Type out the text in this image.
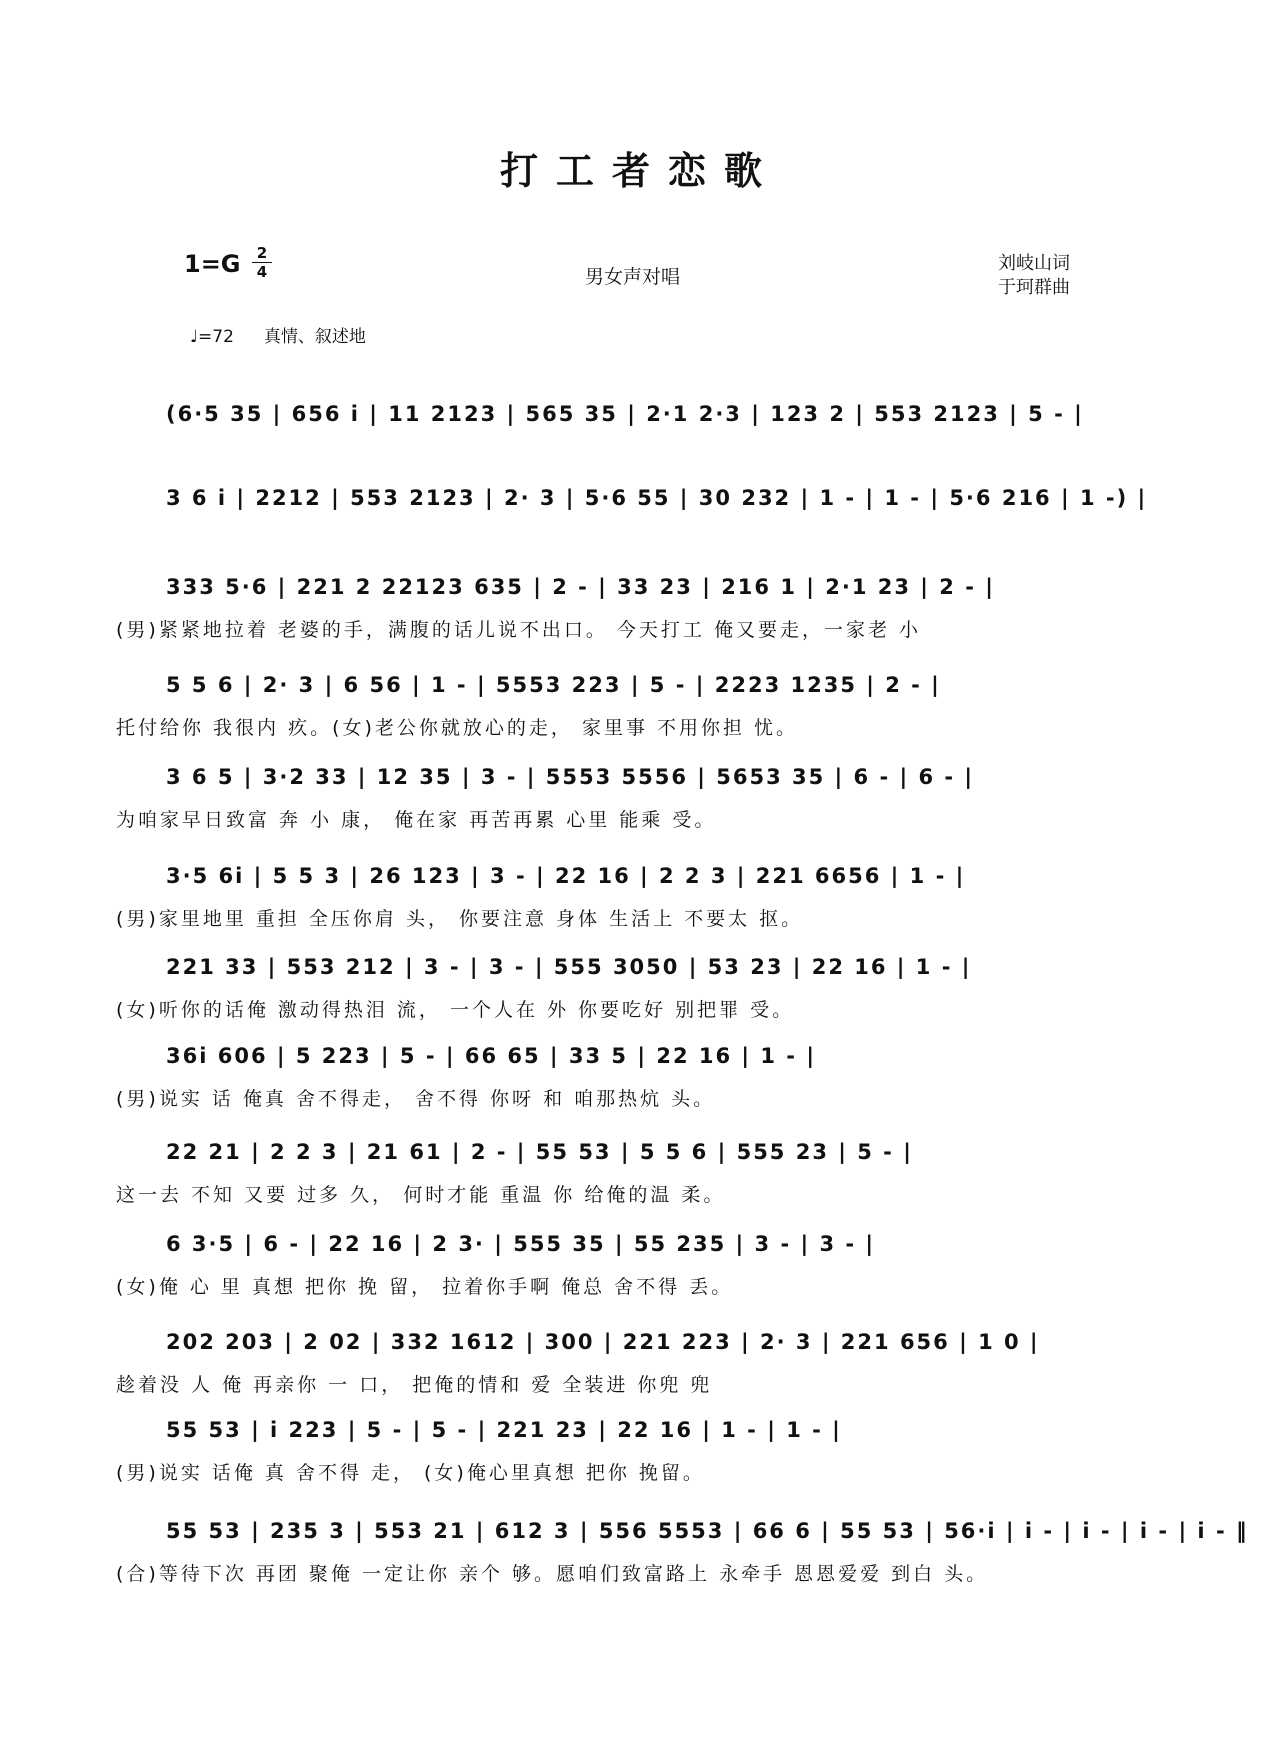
打工者恋歌
1=G	2
4	男女声对唱
刘岐山词
于珂群曲
♩=72 真情、叙述地
(6·5 35 | 656 i | 11 2123 | 565 35 | 2·1 2·3 | 123 2 | 553 2123 | 5 - |
3 6 i | 2212 | 553 2123 | 2· 3 | 5·6 55 | 30 232 | 1 - | 1 - | 5·6 216 | 1 -) |
333 5·6 | 221 2 22123 635 | 2 - | 33 23 | 216 1 | 2·1 23 | 2 - |
(男)紧紧地拉着 老婆的手，满腹的话儿说不出口。 今天打工 俺又要走，一家老 小
5 5 6 | 2· 3 | 6 56 | 1 - | 5553 223 | 5 - | 2223 1235 | 2 - |
托付给你 我很内 疚。(女)老公你就放心的走， 家里事 不用你担 忧。
3 6 5 | 3·2 33 | 12 35 | 3 - | 5553 5556 | 5653 35 | 6 - | 6 - |
为咱家早日致富 奔 小 康， 俺在家 再苦再累 心里 能乘 受。
3·5 6i | 5 5 3 | 26 123 | 3 - | 22 16 | 2 2 3 | 221 6656 | 1 - |
(男)家里地里 重担 全压你肩 头， 你要注意 身体 生活上 不要太 抠。
221 33 | 553 212 | 3 - | 3 - | 555 3050 | 53 23 | 22 16 | 1 - |
(女)听你的话俺 激动得热泪 流， 一个人在 外 你要吃好 别把罪 受。
36i 606 | 5 223 | 5 - | 66 65 | 33 5 | 22 16 | 1 - |
(男)说实 话 俺真 舍不得走， 舍不得 你呀 和 咱那热炕 头。
22 21 | 2 2 3 | 21 61 | 2 - | 55 53 | 5 5 6 | 555 23 | 5 - |
这一去 不知 又要 过多 久， 何时才能 重温 你 给俺的温 柔。
6 3·5 | 6 - | 22 16 | 2 3· | 555 35 | 55 235 | 3 - | 3 - |
(女)俺 心 里 真想 把你 挽 留， 拉着你手啊 俺总 舍不得 丢。
202 203 | 2 02 | 332 1612 | 300 | 221 223 | 2· 3 | 221 656 | 1 0 |
趁着没 人 俺 再亲你 一 口， 把俺的情和 爱 全装进 你兜 兜
55 53 | i 223 | 5 - | 5 - | 221 23 | 22 16 | 1 - | 1 - |
(男)说实 话俺 真 舍不得 走， (女)俺心里真想 把你 挽留。
55 53 | 235 3 | 553 21 | 612 3 | 556 5553 | 66 6 | 55 53 | 56·i | i - | i - | i - | i - ‖
(合)等待下次 再团 聚俺 一定让你 亲个 够。愿咱们致富路上 永牵手 恩恩爱爱 到白 头。
